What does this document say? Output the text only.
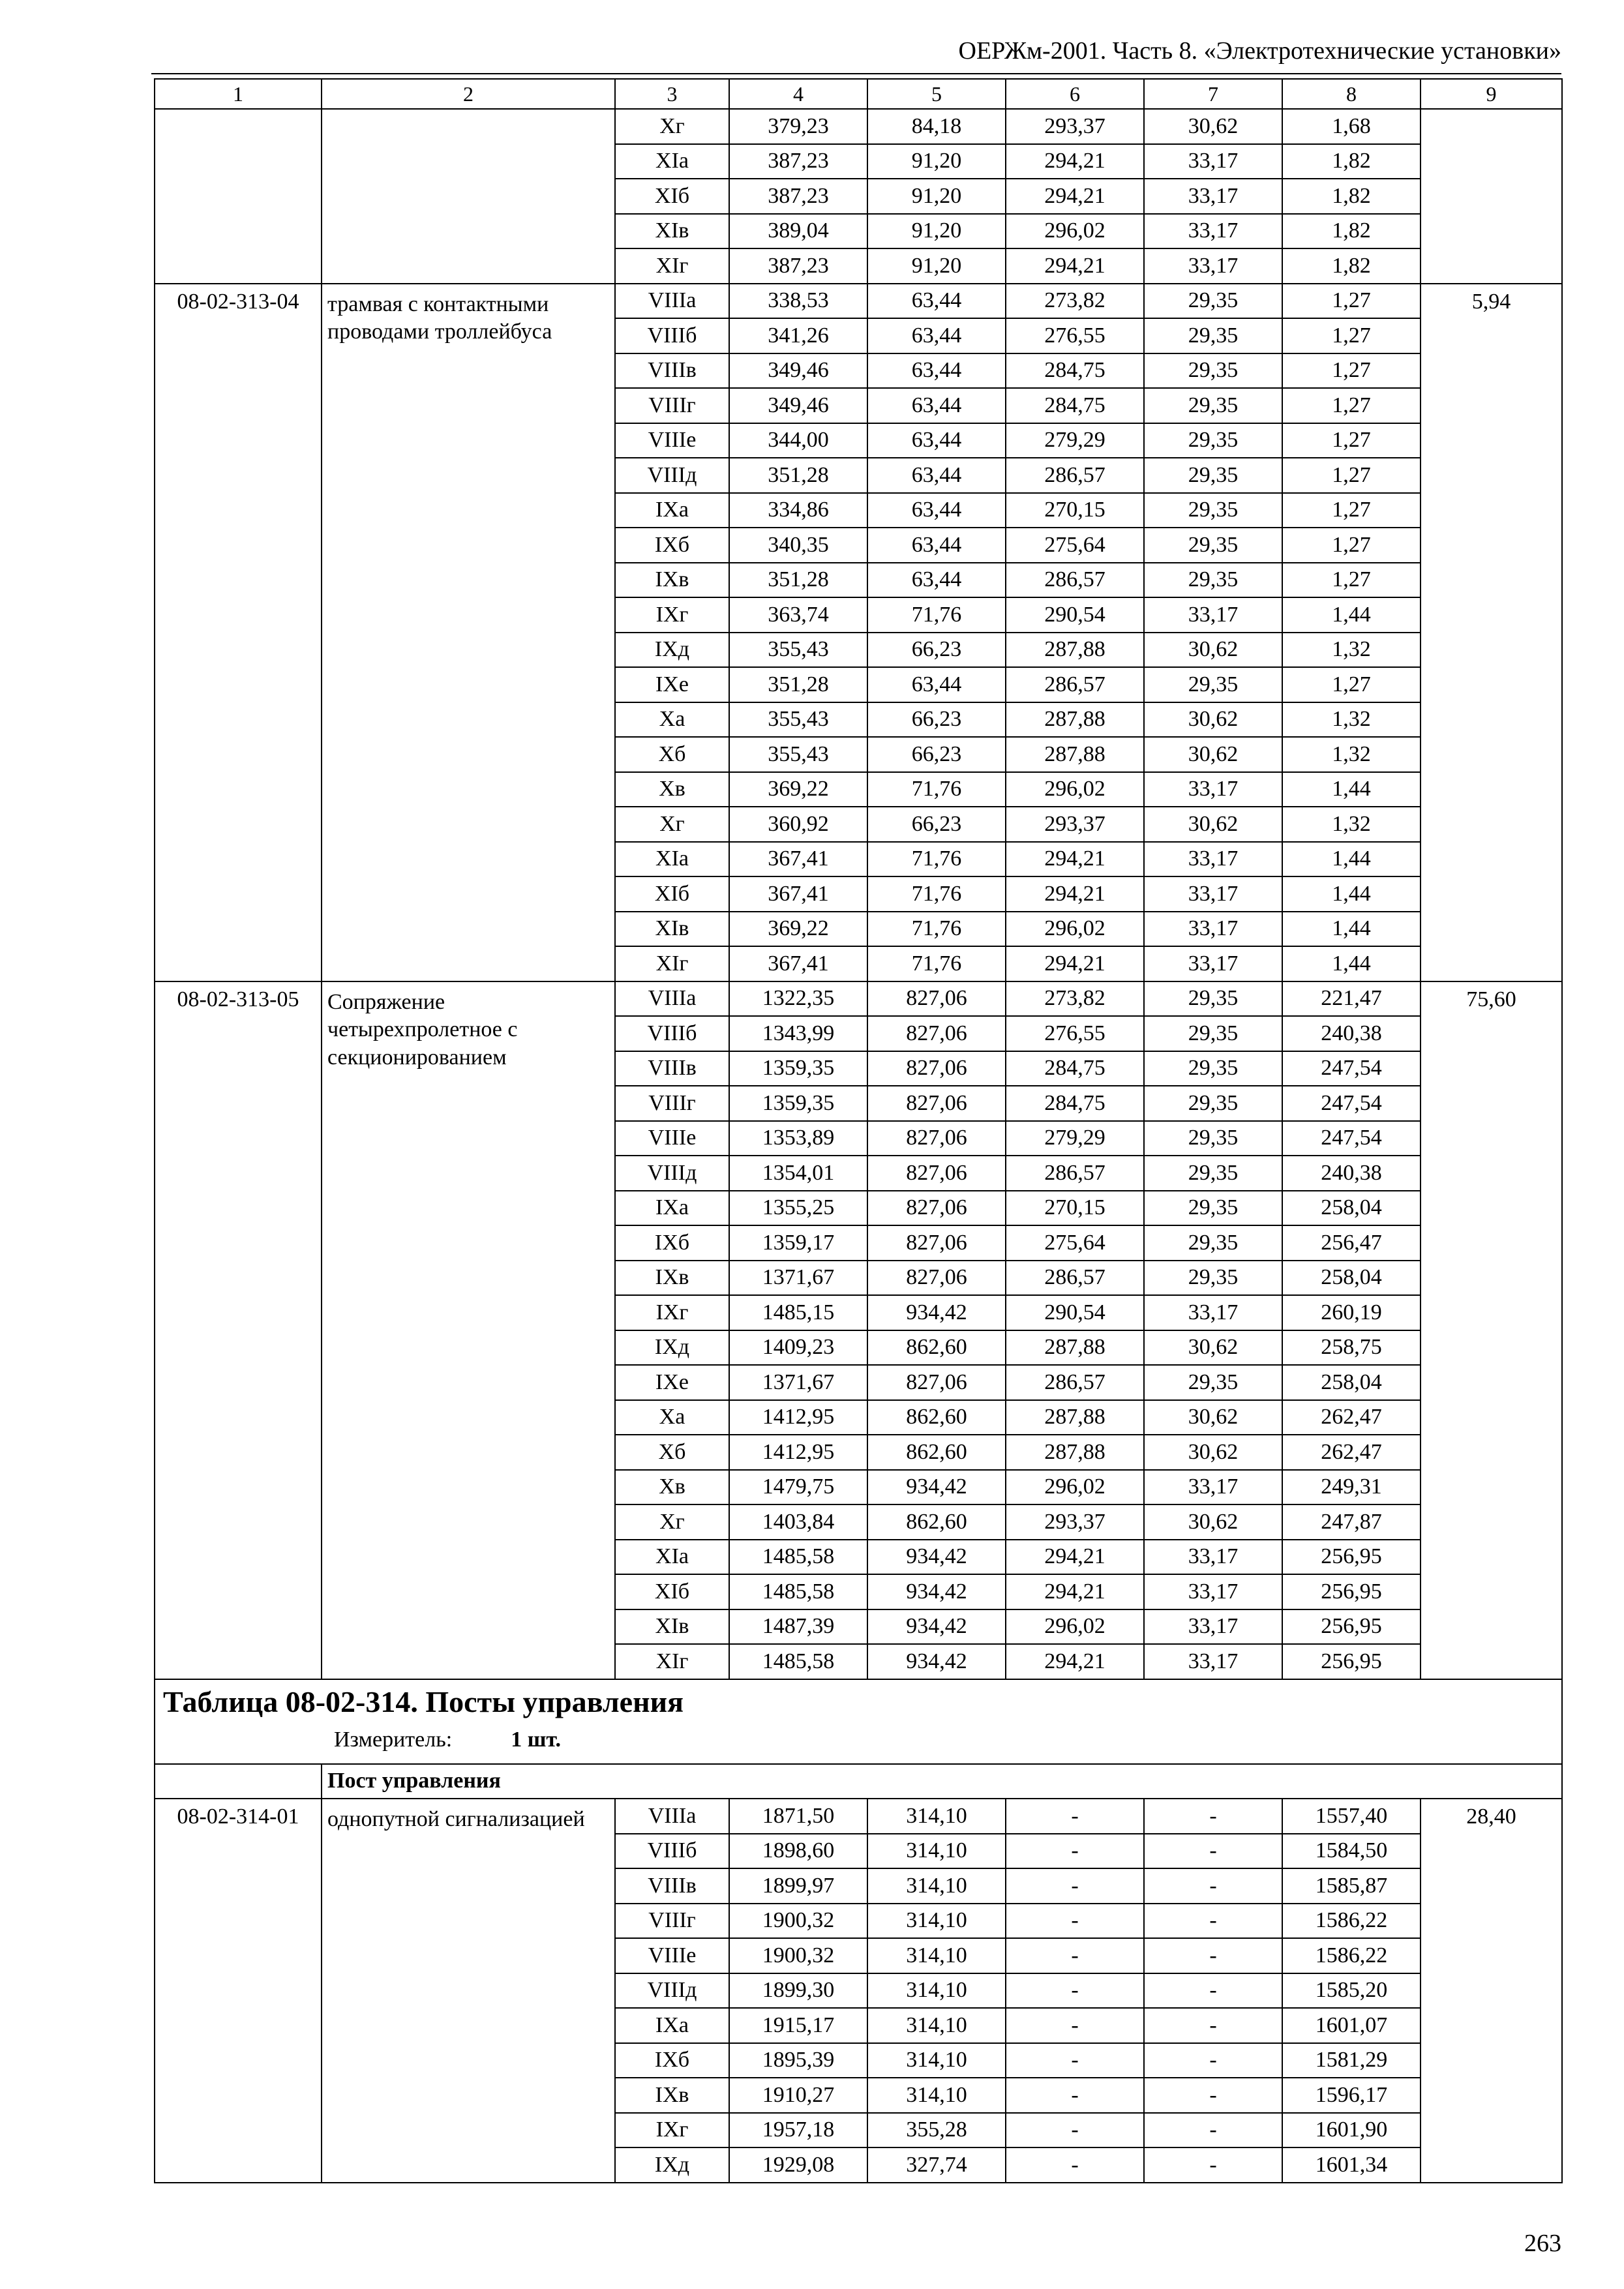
ОЕРЖм-2001. Часть 8. «Электротехнические установки»
1	2	3	4	5	6	7	8	9
		Хг	379,23	84,18	293,37	30,62	1,68	
		ХIа	387,23	91,20	294,21	33,17	1,82	
		ХIб	387,23	91,20	294,21	33,17	1,82	
		ХIв	389,04	91,20	296,02	33,17	1,82	
		ХIг	387,23	91,20	294,21	33,17	1,82	
08-02-313-04	трамвая с контактными проводами троллейбуса	VIIIа	338,53	63,44	273,82	29,35	1,27	5,94
		VIIIб	341,26	63,44	276,55	29,35	1,27	
		VIIIв	349,46	63,44	284,75	29,35	1,27	
		VIIIг	349,46	63,44	284,75	29,35	1,27	
		VIIIе	344,00	63,44	279,29	29,35	1,27	
		VIIIд	351,28	63,44	286,57	29,35	1,27	
		IХа	334,86	63,44	270,15	29,35	1,27	
		IХб	340,35	63,44	275,64	29,35	1,27	
		IХв	351,28	63,44	286,57	29,35	1,27	
		IХг	363,74	71,76	290,54	33,17	1,44	
		IХд	355,43	66,23	287,88	30,62	1,32	
		IХе	351,28	63,44	286,57	29,35	1,27	
		Ха	355,43	66,23	287,88	30,62	1,32	
		Хб	355,43	66,23	287,88	30,62	1,32	
		Хв	369,22	71,76	296,02	33,17	1,44	
		Хг	360,92	66,23	293,37	30,62	1,32	
		ХIа	367,41	71,76	294,21	33,17	1,44	
		ХIб	367,41	71,76	294,21	33,17	1,44	
		ХIв	369,22	71,76	296,02	33,17	1,44	
		ХIг	367,41	71,76	294,21	33,17	1,44	
08-02-313-05	Сопряжение четырехпролетное с секционированием	VIIIа	1322,35	827,06	273,82	29,35	221,47	75,60
		VIIIб	1343,99	827,06	276,55	29,35	240,38	
		VIIIв	1359,35	827,06	284,75	29,35	247,54	
		VIIIг	1359,35	827,06	284,75	29,35	247,54	
		VIIIе	1353,89	827,06	279,29	29,35	247,54	
		VIIIд	1354,01	827,06	286,57	29,35	240,38	
		IХа	1355,25	827,06	270,15	29,35	258,04	
		IХб	1359,17	827,06	275,64	29,35	256,47	
		IХв	1371,67	827,06	286,57	29,35	258,04	
		IХг	1485,15	934,42	290,54	33,17	260,19	
		IХд	1409,23	862,60	287,88	30,62	258,75	
		IХе	1371,67	827,06	286,57	29,35	258,04	
		Ха	1412,95	862,60	287,88	30,62	262,47	
		Хб	1412,95	862,60	287,88	30,62	262,47	
		Хв	1479,75	934,42	296,02	33,17	249,31	
		Хг	1403,84	862,60	293,37	30,62	247,87	
		ХIа	1485,58	934,42	294,21	33,17	256,95	
		ХIб	1485,58	934,42	294,21	33,17	256,95	
		ХIв	1487,39	934,42	296,02	33,17	256,95	
		ХIг	1485,58	934,42	294,21	33,17	256,95	

Таблица 08-02-314. Посты управления
Измеритель: 1 шт.								

	Пост управления							
08-02-314-01	однопутной сигнализацией	VIIIа	1871,50	314,10	-	-	1557,40	28,40
		VIIIб	1898,60	314,10	-	-	1584,50	
		VIIIв	1899,97	314,10	-	-	1585,87	
		VIIIг	1900,32	314,10	-	-	1586,22	
		VIIIе	1900,32	314,10	-	-	1586,22	
		VIIIд	1899,30	314,10	-	-	1585,20	
		IХа	1915,17	314,10	-	-	1601,07	
		IХб	1895,39	314,10	-	-	1581,29	
		IХв	1910,27	314,10	-	-	1596,17	
		IХг	1957,18	355,28	-	-	1601,90	
		IХд	1929,08	327,74	-	-	1601,34	
263
